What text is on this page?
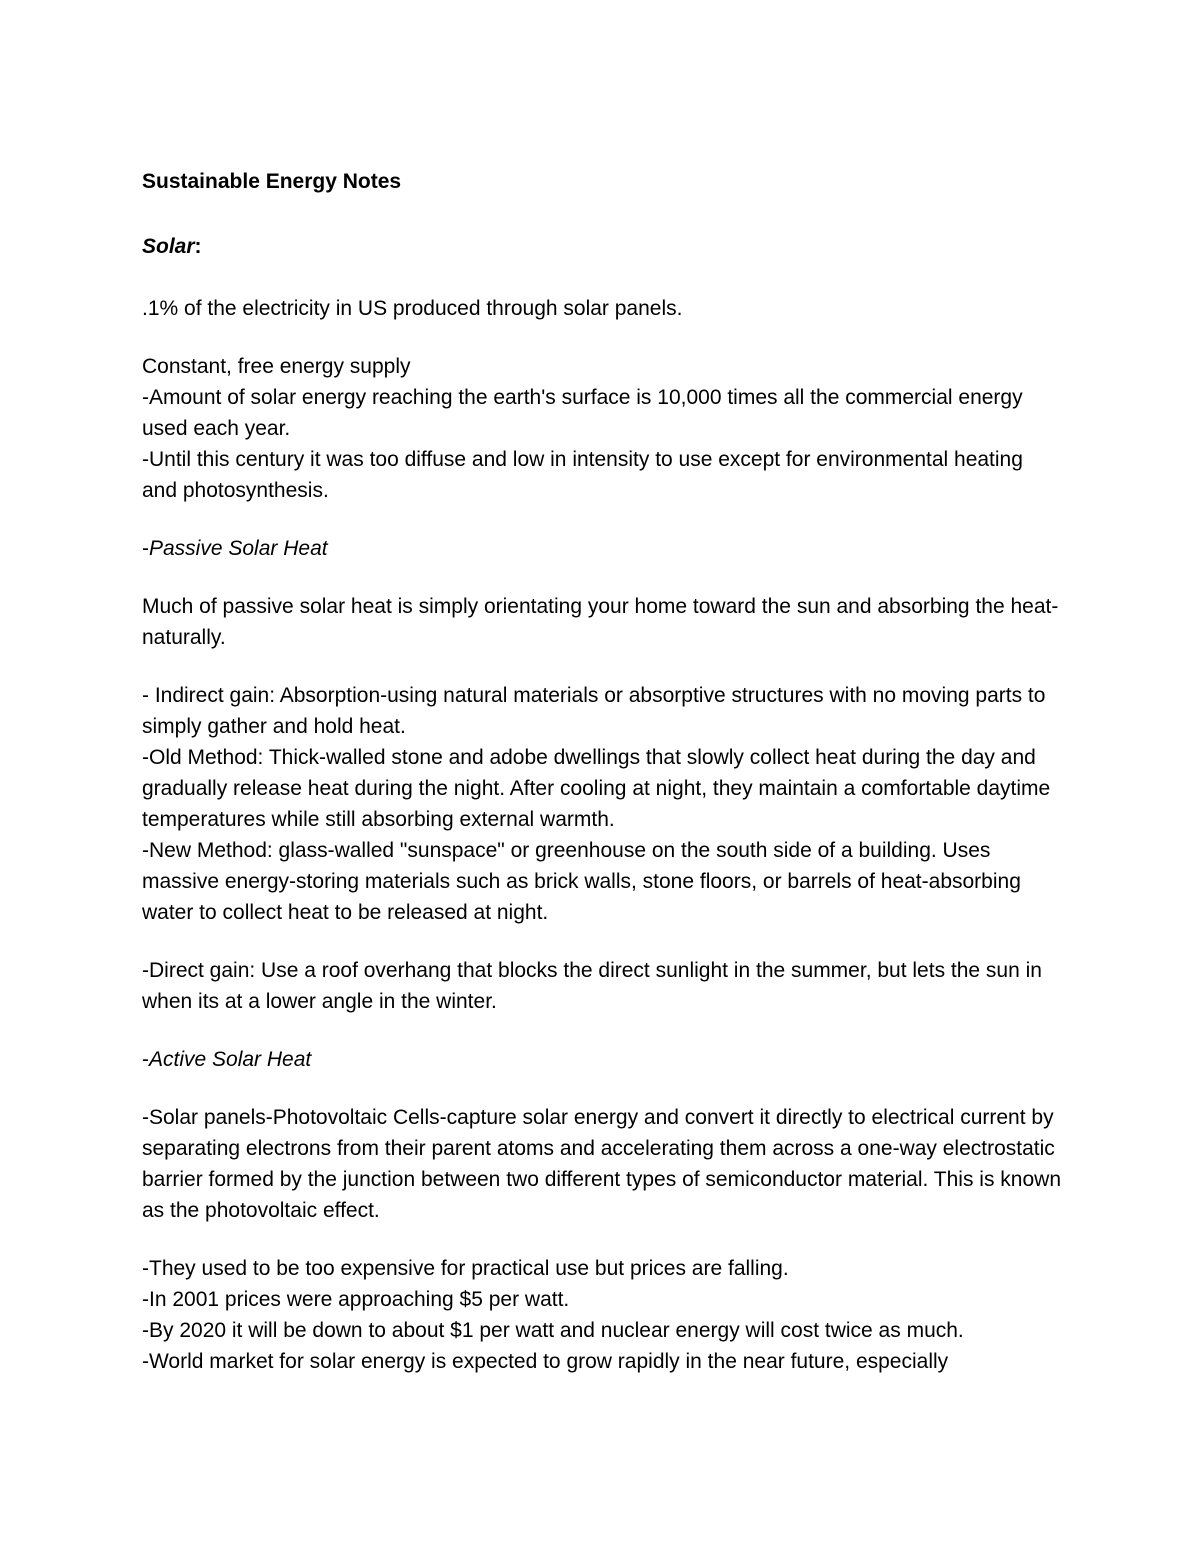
Sustainable Energy Notes

Solar:

.1% of the electricity in US produced through solar panels.

Constant, free energy supply

-Amount of solar energy reaching the earth's surface is 10,000 times all the commercial energy used each year.

-Until this century it was too diffuse and low in intensity to use except for environmental heating and photosynthesis.

-Passive Solar Heat

Much of passive solar heat is simply orientating your home toward the sun and absorbing the heat- naturally.

- Indirect gain: Absorption-using natural materials or absorptive structures with no moving parts to simply gather and hold heat.

-Old Method: Thick-walled stone and adobe dwellings that slowly collect heat during the day and gradually release heat during the night. After cooling at night, they maintain a comfortable daytime temperatures while still absorbing external warmth.

-New Method: glass-walled "sunspace" or greenhouse on the south side of a building. Uses massive energy-storing materials such as brick walls, stone floors, or barrels of heat-absorbing water to collect heat to be released at night.

-Direct gain: Use a roof overhang that blocks the direct sunlight in the summer, but lets the sun in when its at a lower angle in the winter.

-Active Solar Heat

-Solar panels-Photovoltaic Cells-capture solar energy and convert it directly to electrical current by separating electrons from their parent atoms and accelerating them across a one-way electrostatic barrier formed by the junction between two different types of semiconductor material. This is known as the photovoltaic effect.

-They used to be too expensive for practical use but prices are falling.

-In 2001 prices were approaching $5 per watt.

-By 2020 it will be down to about $1 per watt and nuclear energy will cost twice as much.

-World market for solar energy is expected to grow rapidly in the near future, especially
